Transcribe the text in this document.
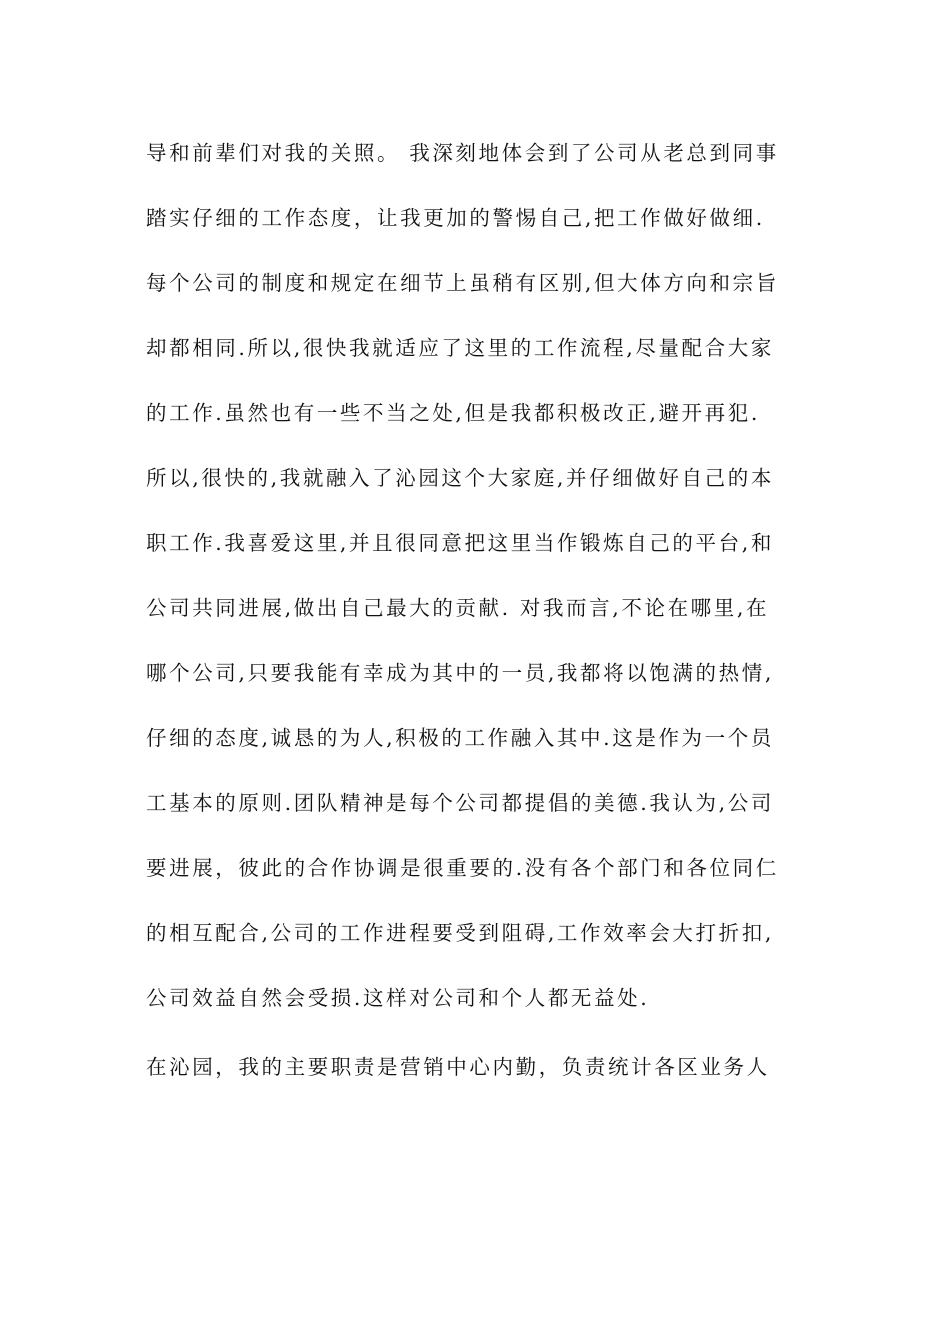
导和前辈们对我的关照。 我深刻地体会到了公司从老总到同事
踏实仔细的工作态度，让我更加的警惕自己,把工作做好做细.
每个公司的制度和规定在细节上虽稍有区别,但大体方向和宗旨
却都相同.所以,很快我就适应了这里的工作流程,尽量配合大家
的工作.虽然也有一些不当之处,但是我都积极改正,避开再犯.
所以,很快的,我就融入了沁园这个大家庭,并仔细做好自己的本
职工作.我喜爱这里,并且很同意把这里当作锻炼自己的平台,和
公司共同进展,做出自己最大的贡献. 对我而言,不论在哪里,在
哪个公司,只要我能有幸成为其中的一员,我都将以饱满的热情,
仔细的态度,诚恳的为人,积极的工作融入其中.这是作为一个员
工基本的原则.团队精神是每个公司都提倡的美德.我认为,公司
要进展，彼此的合作协调是很重要的.没有各个部门和各位同仁
的相互配合,公司的工作进程要受到阻碍,工作效率会大打折扣,
公司效益自然会受损.这样对公司和个人都无益处.
在沁园，我的主要职责是营销中心内勤，负责统计各区业务人
